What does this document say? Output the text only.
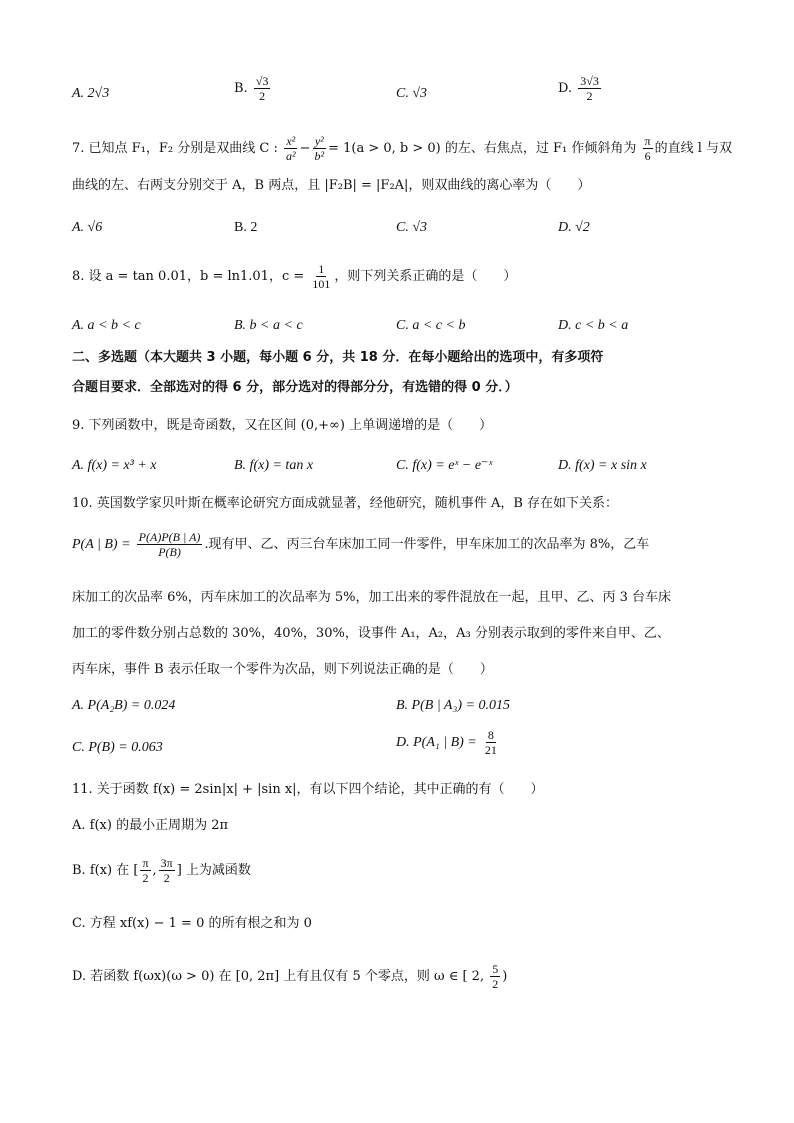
A. 2√3	B. $\frac{√3}{2}$	C. √3	D. $\frac{3√3}{2}$
7. 已知点 F₁，F₂ 分别是双曲线 C : $\frac{\text{x²}}{\text{a²}} - \frac{\text{y²}}{\text{b²}} = 1(a > 0$, b > 0) 的左、右焦点，过 F₁ 作倾斜角为 $\frac{\pi}{6}$ 的直线 l 与双
曲线的左、右两支分别交于 A，B 两点，且 |F₂B| = |F₂A|，则双曲线的离心率为（　　）
A. √6	B. 2	C. √3	D. √2
8. 设 a = tan 0.01，b = ln1.01，$c = \frac{1}{101}$ ，则下列关系正确的是（　　）
A. a < b < c	B. b < a < c	C. a < c < b	D. c < b < a
二、多选题（本大题共 3 小题，每小题 6 分，共 18 分．在每小题给出的选项中，有多项符
合题目要求．全部选对的得 6 分，部分选对的得部分分，有选错的得 0 分．）
9. 下列函数中，既是奇函数，又在区间 (0,+∞) 上单调递增的是（　　）
A. f(x) = x³ + x	B. f(x) = tan x	C. f(x) = eˣ − e⁻ˣ	D. f(x) = x sin x
10. 英国数学家贝叶斯在概率论研究方面成就显著，经他研究，随机事件 A，B 存在如下关系：
P(A | $B) = \frac{P(A)P(B | A)}{P(B)}$ .现有甲、乙、丙三台车床加工同一件零件，甲车床加工的次品率为 8%，乙车
床加工的次品率 6%，丙车床加工的次品率为 5%，加工出来的零件混放在一起，且甲、乙、丙 3 台车床
加工的零件数分别占总数的 30%，40%，30%，设事件 A₁，A₂，A₃ 分别表示取到的零件来自甲、乙、
丙车床，事件 B 表示任取一个零件为次品，则下列说法正确的是（　　）
A. P(A₂B) = 0.024	B. P(B | A₃) = 0.015
C. P(B) = 0.063	D. P(A₁ | $B) = \frac{8}{21}$
11. 关于函数 f(x) = 2sin|x| + |sin x|，有以下四个结论，其中正确的有（　　）
A. f(x) 的最小正周期为 2π
B. f(x) 在 [ $\frac{\pi}{2}$ , $\frac{3\pi}{2}$ ] 上为减函数
C. 方程 xf(x) − 1 = 0 的所有根之和为 0
D. 若函数 f(ωx)(ω > 0) 在 [0, 2π] 上有且仅有 5 个零点，则 ω ∈ [ 2, $\frac{5}{2}$ )
